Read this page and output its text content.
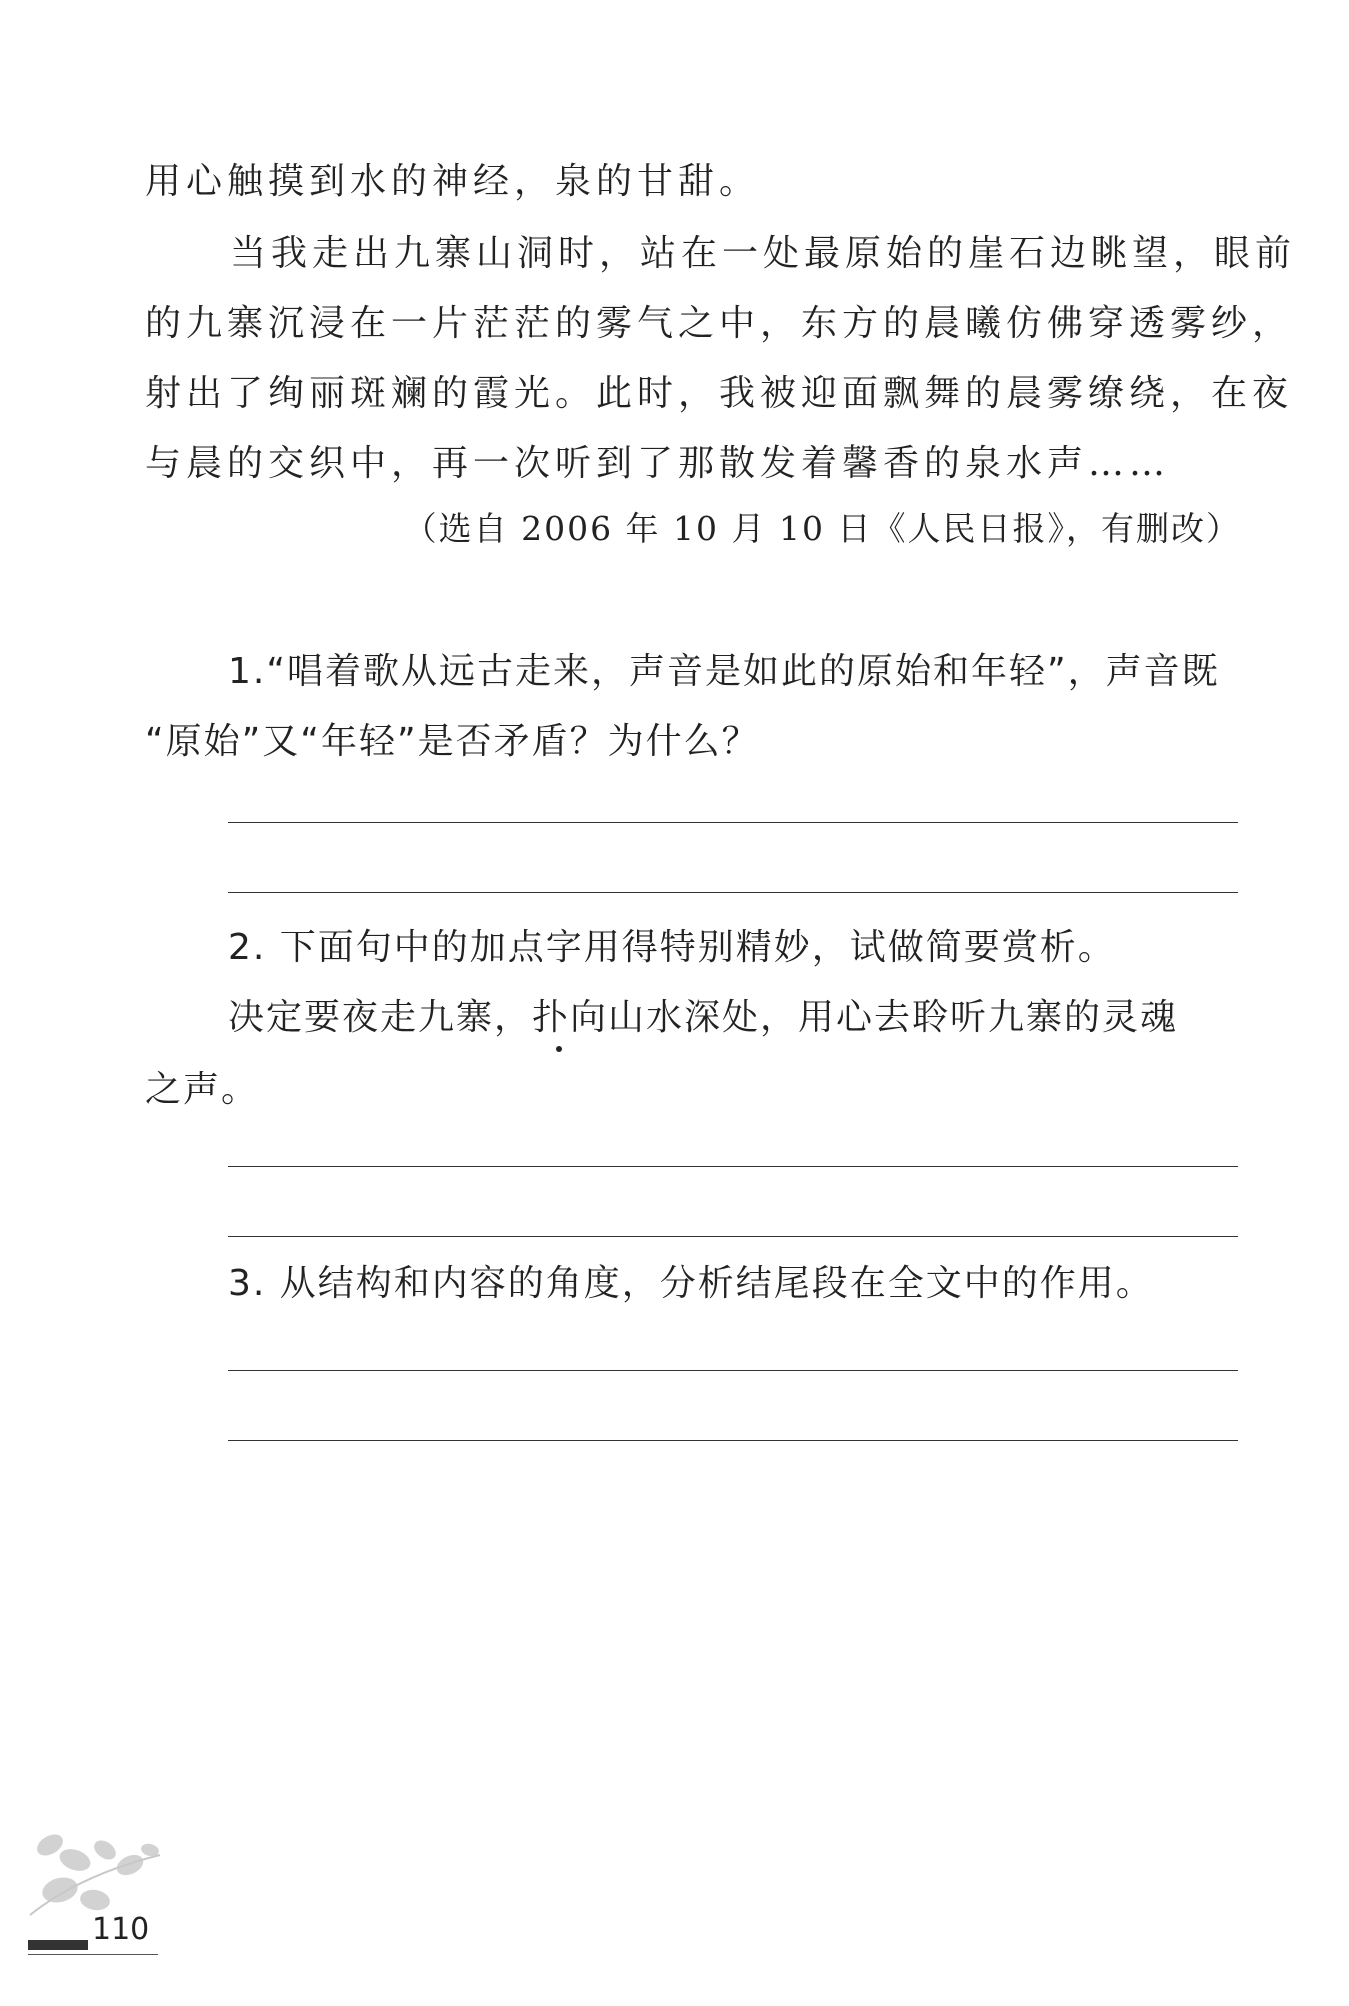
用心触摸到水的神经，泉的甘甜。
当我走出九寨山洞时，站在一处最原始的崖石边眺望，眼前
的九寨沉浸在一片茫茫的雾气之中，东方的晨曦仿佛穿透雾纱，
射出了绚丽斑斓的霞光。此时，我被迎面飘舞的晨雾缭绕，在夜
与晨的交织中，再一次听到了那散发着馨香的泉水声……
（选自 2006 年 10 月 10 日《人民日报》，有删改）
1.“唱着歌从远古走来，声音是如此的原始和年轻”，声音既
“原始”又“年轻”是否矛盾？为什么？
2. 下面句中的加点字用得特别精妙，试做简要赏析。
决定要夜走九寨，扑向山水深处，用心去聆听九寨的灵魂
之声。
3. 从结构和内容的角度，分析结尾段在全文中的作用。
110
